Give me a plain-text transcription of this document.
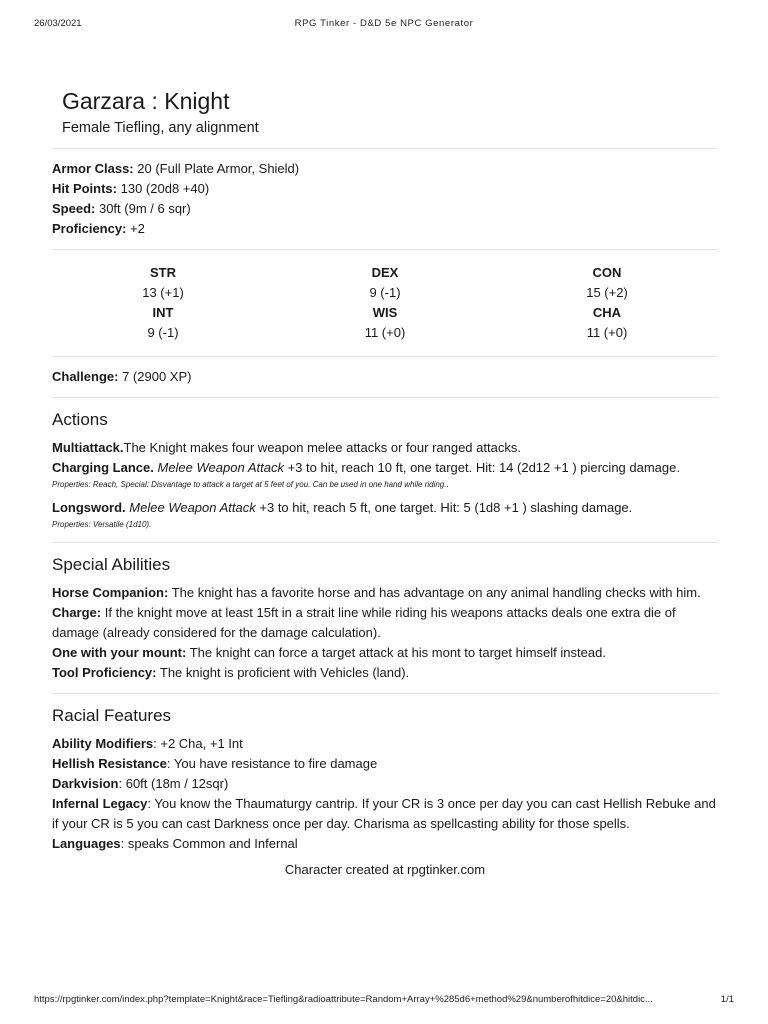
26/03/2021	RPG Tinker - D&D 5e NPC Generator
Garzara : Knight
Female Tiefling, any alignment
Armor Class: 20 (Full Plate Armor, Shield)
Hit Points: 130 (20d8 +40)
Speed: 30ft (9m / 6 sqr)
Proficiency: +2
STR
13 (+1)
DEX
9 (-1)
CON
15 (+2)
INT
9 (-1)
WIS
11 (+0)
CHA
11 (+0)
Challenge: 7 (2900 XP)
Actions
Multiattack.The Knight makes four weapon melee attacks or four ranged attacks.
Charging Lance. Melee Weapon Attack +3 to hit, reach 10 ft, one target. Hit: 14 (2d12 +1 ) piercing damage.
Properties: Reach, Special: Disvantage to attack a target at 5 feet of you. Can be used in one hand while riding..
Longsword. Melee Weapon Attack +3 to hit, reach 5 ft, one target. Hit: 5 (1d8 +1 ) slashing damage.
Properties: Versatile (1d10).
Special Abilities
Horse Companion: The knight has a favorite horse and has advantage on any animal handling checks with him.
Charge: If the knight move at least 15ft in a strait line while riding his weapons attacks deals one extra die of damage (already considered for the damage calculation).
One with your mount: The knight can force a target attack at his mont to target himself instead.
Tool Proficiency: The knight is proficient with Vehicles (land).
Racial Features
Ability Modifiers: +2 Cha, +1 Int
Hellish Resistance: You have resistance to fire damage
Darkvision: 60ft (18m / 12sqr)
Infernal Legacy: You know the Thaumaturgy cantrip. If your CR is 3 once per day you can cast Hellish Rebuke and if your CR is 5 you can cast Darkness once per day. Charisma as spellcasting ability for those spells.
Languages: speaks Common and Infernal
Character created at rpgtinker.com
https://rpgtinker.com/index.php?template=Knight&race=Tiefling&radioattribute=Random+Array+%285d6+method%29&numberofhitdice=20&hitdic...	1/1
